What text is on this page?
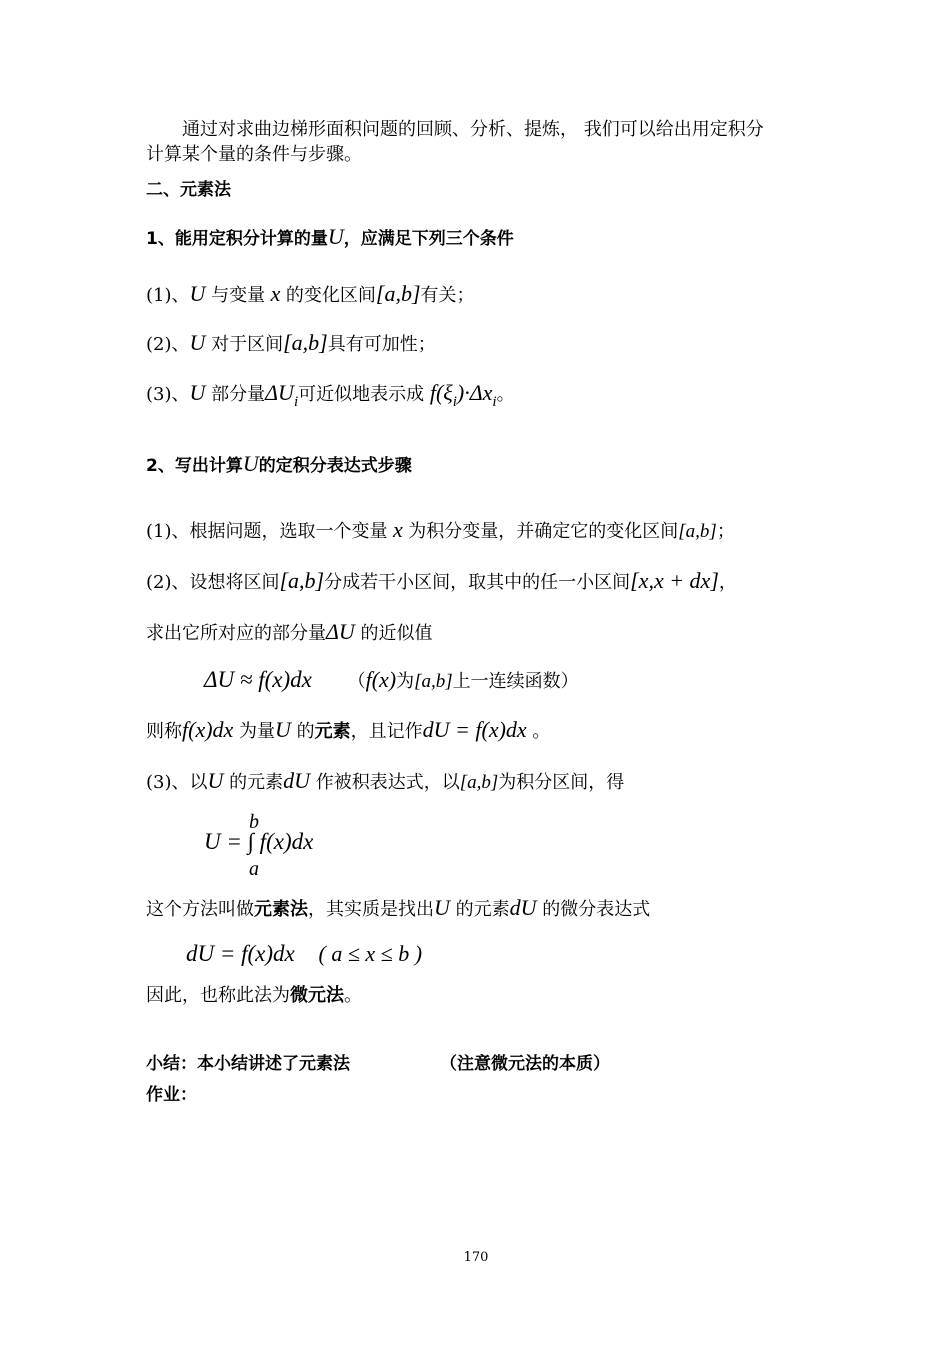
通过对求曲边梯形面积问题的回顾、分析、提炼， 我们可以给出用定积分
计算某个量的条件与步骤。
二、元素法
1、能用定积分计算的量U，应满足下列三个条件
(1)、U 与变量 x 的变化区间[a,b]有关；
(2)、U 对于区间[a,b]具有可加性；
(3)、U 部分量$\Delta U_i$可近似地表示成 $f(\xi_i)\cdot\Delta x_i$。
2、写出计算U的定积分表达式步骤
(1)、根据问题，选取一个变量 x 为积分变量，并确定它的变化区间[a,b]；
(2)、设想将区间[a,b]分成若干小区间，取其中的任一小区间[x,x + dx]，
求出它所对应的部分量ΔU 的近似值
ΔU ≈ f(x)dx （f(x)为[a,b]上一连续函数）
则称f(x)dx 为量U 的元素，且记作dU = f(x)dx 。
(3)、以U 的元素dU 作被积表达式，以[a,b]为积分区间，得
b
U = ∫ f(x)dx
a
这个方法叫做元素法，其实质是找出U 的元素dU 的微分表达式
dU = f(x)dx ( a ≤ x ≤ b )
因此，也称此法为微元法。
小结：本小结讲述了元素法	（注意微元法的本质）
作业：
170
